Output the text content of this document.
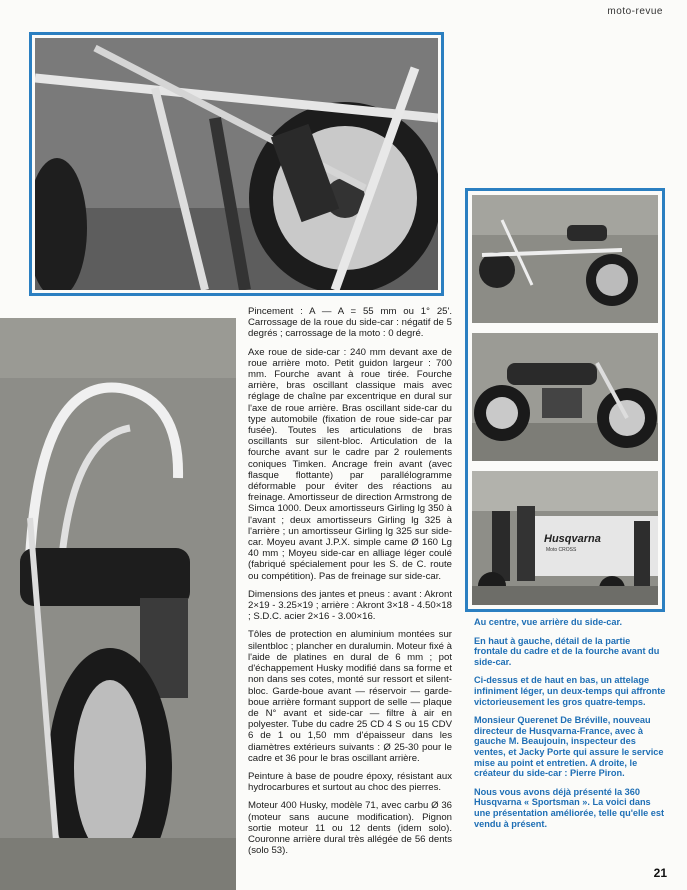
moto-revue
Husqvarna
Moto CROSS

Pincement : A — A = 55 mm ou 1° 25'. Carrossage de la roue du side-car : négatif de 5 degrés ; carrossage de la moto : 0 degré.

Axe roue de side-car : 240 mm devant axe de roue arrière moto. Petit guidon largeur : 700 mm. Fourche avant à roue tirée. Fourche arrière, bras oscillant classique mais avec réglage de chaîne par excentrique en dural sur l'axe de roue arrière. Bras oscillant side-car du type automobile (fixation de roue side-car par fusée). Toutes les articulations de bras oscillants sur silent-bloc. Articulation de la fourche avant sur le cadre par 2 roulements coniques Timken. Ancrage frein avant (avec flasque flottante) par parallélogramme déformable pour éviter des réactions au freinage. Amortisseur de direction Armstrong de Simca 1000. Deux amortisseurs Girling lg 350 à l'avant ; deux amortisseurs Girling lg 325 à l'arrière ; un amortisseur Girling lg 325 sur side-car. Moyeu avant J.P.X. simple came Ø 160 Lg 40 mm ; Moyeu side-car en alliage léger coulé (fabriqué spécialement pour les S. de C. route ou compétition). Pas de freinage sur side-car.

Dimensions des jantes et pneus : avant : Akront 2×19 - 3.25×19 ; arrière : Akront 3×18 - 4.50×18 ; S.D.C. acier 2×16 - 3.00×16.

Tôles de protection en aluminium montées sur silentbloc ; plancher en duralumin. Moteur fixé à l'aide de platines en dural de 6 mm ; pot d'échappement Husky modifié dans sa forme et non dans ses cotes, monté sur ressort et silent-bloc. Garde-boue avant — réservoir — garde-boue arrière formant support de selle — plaque de N° avant et side-car — filtre à air en polyester. Tube du cadre 25 CD 4 S ou 15 CDV 6 de 1 ou 1,50 mm d'épaisseur dans les diamètres extérieurs suivants : Ø 25-30 pour le cadre et 36 pour le bras oscillant arrière.

Peinture à base de poudre époxy, résistant aux hydrocarbures et surtout au choc des pierres.

Moteur 400 Husky, modèle 71, avec carbu Ø 36 (moteur sans aucune modification). Pignon sortie moteur 11 ou 12 dents (idem solo). Couronne arrière dural très allégée de 56 dents (solo 53).

Au centre, vue arrière du side-car.

En haut à gauche, détail de la partie frontale du cadre et de la fourche avant du side-car.

Ci-dessus et de haut en bas, un attelage infiniment léger, un deux-temps qui affronte victorieusement les gros quatre-temps.

Monsieur Querenet De Bréville, nouveau directeur de Husqvarna-France, avec à gauche M. Beaujouin, inspecteur des ventes, et Jacky Porte qui assure le service mise au point et entretien. A droite, le créateur du side-car : Pierre Piron.

Nous vous avons déjà présenté la 360 Husqvarna « Sportsman ». La voici dans une présentation améliorée, telle qu'elle est vendu à présent.

21
